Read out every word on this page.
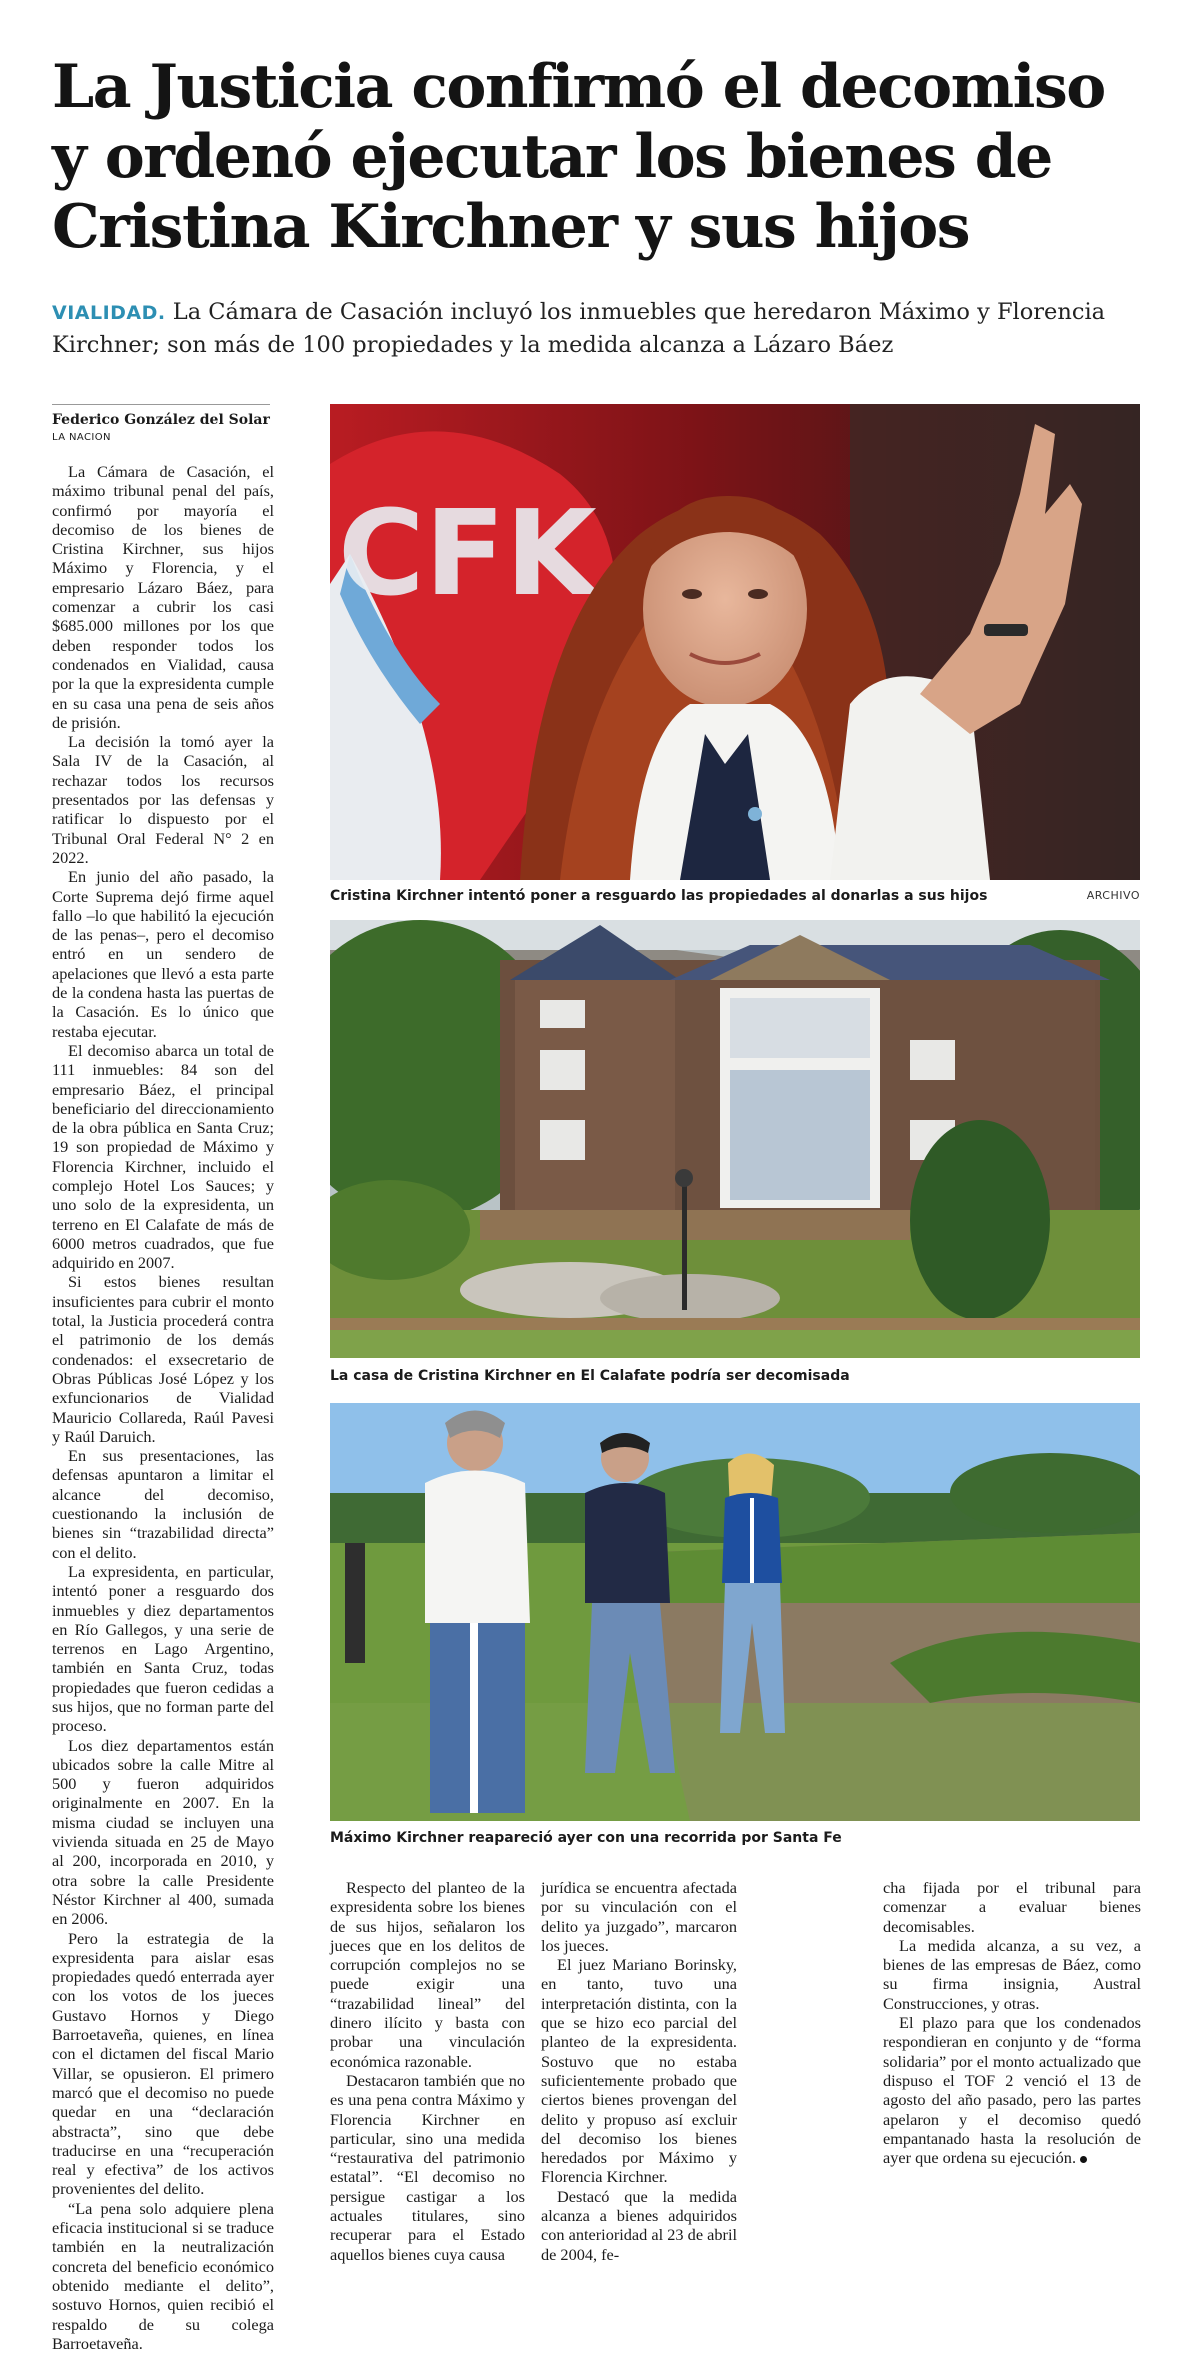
La Justicia confirmó el decomiso y ordenó ejecutar los bienes de Cristina Kirchner y sus hijos
VIALIDAD. La Cámara de Casación incluyó los inmuebles que heredaron Máximo y Florencia Kirchner; son más de 100 propiedades y la medida alcanza a Lázaro Báez
Federico González del Solar
LA NACION

La Cámara de Casación, el máximo tribunal penal del país, confirmó por mayoría el decomiso de los bienes de Cristina Kirchner, sus hijos Máximo y Florencia, y el empresario Lázaro Báez, para comenzar a cubrir los casi $685.000 millones por los que deben responder todos los condenados en Vialidad, causa por la que la expresidenta cumple en su casa una pena de seis años de prisión.

La decisión la tomó ayer la Sala IV de la Casación, al rechazar todos los recursos presentados por las defensas y ratificar lo dispuesto por el Tribunal Oral Federal N° 2 en 2022.

En junio del año pasado, la Corte Suprema dejó firme aquel fallo –lo que habilitó la ejecución de las penas–, pero el decomiso entró en un sendero de apelaciones que llevó a esta parte de la condena hasta las puertas de la Casación. Es lo único que restaba ejecutar.

El decomiso abarca un total de 111 inmuebles: 84 son del empresario Báez, el principal beneficiario del direccionamiento de la obra pública en Santa Cruz; 19 son propiedad de Máximo y Florencia Kirchner, incluido el complejo Hotel Los Sauces; y uno solo de la expresidenta, un terreno en El Calafate de más de 6000 metros cuadrados, que fue adquirido en 2007.

Si estos bienes resultan insuficientes para cubrir el monto total, la Justicia procederá contra el patrimonio de los demás condenados: el exsecretario de Obras Públicas José López y los exfuncionarios de Vialidad Mauricio Collareda, Raúl Pavesi y Raúl Daruich.

En sus presentaciones, las defensas apuntaron a limitar el alcance del decomiso, cuestionando la inclusión de bienes sin “trazabilidad directa” con el delito.

La expresidenta, en particular, intentó poner a resguardo dos inmuebles y diez departamentos en Río Gallegos, y una serie de terrenos en Lago Argentino, también en Santa Cruz, todas propiedades que fueron cedidas a sus hijos, que no forman parte del proceso.

Los diez departamentos están ubicados sobre la calle Mitre al 500 y fueron adquiridos originalmente en 2007. En la misma ciudad se incluyen una vivienda situada en 25 de Mayo al 200, incorporada en 2010, y otra sobre la calle Presidente Néstor Kirchner al 400, sumada en 2006.

Pero la estrategia de la expresidenta para aislar esas propiedades quedó enterrada ayer con los votos de los jueces Gustavo Hornos y Diego Barroetaveña, quienes, en línea con el dictamen del fiscal Mario Villar, se opusieron. El primero marcó que el decomiso no puede quedar en una “declaración abstracta”, sino que debe traducirse en una “recuperación real y efectiva” de los activos provenientes del delito.

“La pena solo adquiere plena eficacia institucional si se traduce también en la neutralización concreta del beneficio económico obtenido mediante el delito”, sostuvo Hornos, quien recibió el respaldo de su colega Barroetaveña.

CFK
Cristina Kirchner intentó poner a resguardo las propiedades al donarlas a sus hijos	ARCHIVO
La casa de Cristina Kirchner en El Calafate podría ser decomisada
Máximo Kirchner reapareció ayer con una recorrida por Santa Fe

Respecto del planteo de la expresidenta sobre los bienes de sus hijos, señalaron los jueces que en los delitos de corrupción complejos no se puede exigir una “trazabilidad lineal” del dinero ilícito y basta con probar una vinculación económica razonable.

Destacaron también que no es una pena contra Máximo y Florencia Kirchner en particular, sino una medida “restaurativa del patrimonio estatal”. “El decomiso no persigue castigar a los actuales titulares, sino recuperar para el Estado aquellos bienes cuya causa

jurídica se encuentra afectada por su vinculación con el delito ya juzgado”, marcaron los jueces.

El juez Mariano Borinsky, en tanto, tuvo una interpretación distinta, con la que se hizo eco parcial del planteo de la expresidenta. Sostuvo que no estaba suficientemente probado que ciertos bienes provengan del delito y propuso así excluir del decomiso los bienes heredados por Máximo y Florencia Kirchner.

Destacó que la medida alcanza a bienes adquiridos con anterioridad al 23 de abril de 2004, fe-

cha fijada por el tribunal para comenzar a evaluar bienes decomisables.

La medida alcanza, a su vez, a bienes de las empresas de Báez, como su firma insignia, Austral Construcciones, y otras.

El plazo para que los condenados respondieran en conjunto y de “forma solidaria” por el monto actualizado que dispuso el TOF 2 venció el 13 de agosto del año pasado, pero las partes apelaron y el decomiso quedó empantanado hasta la resolución de ayer que ordena su ejecución.
